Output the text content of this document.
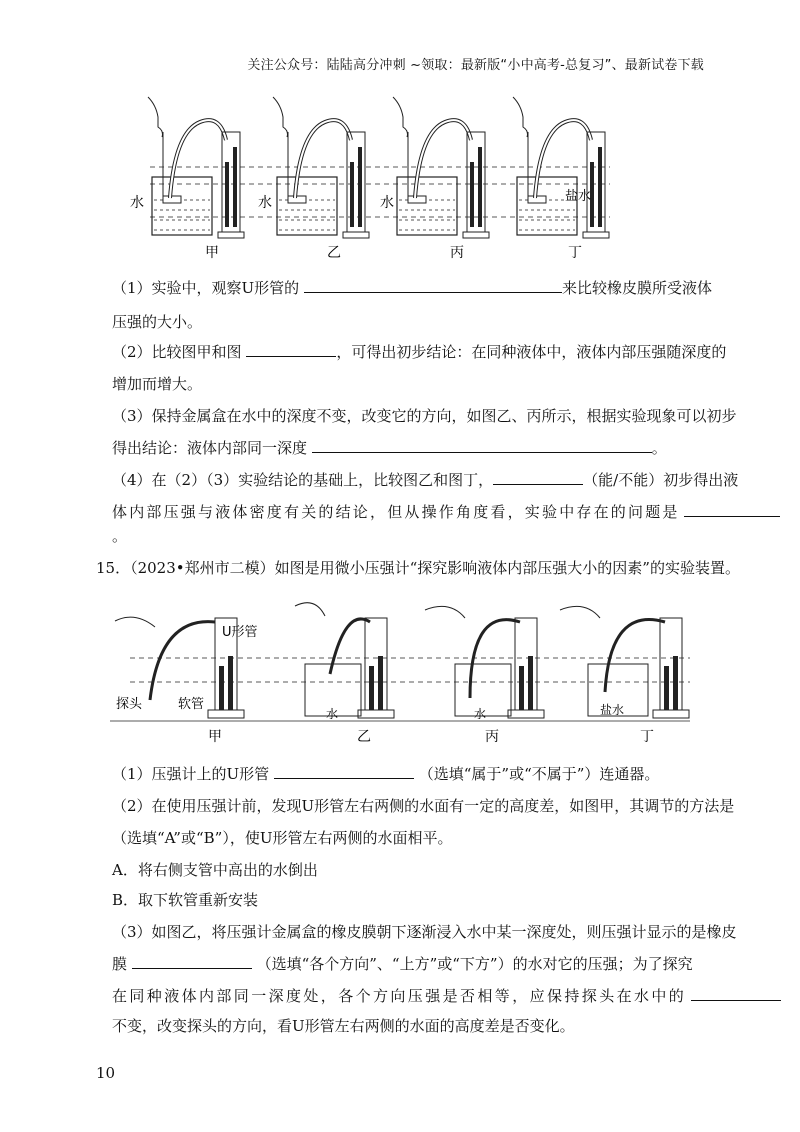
关注公众号：陆陆高分冲刺 ~领取：最新版“小中高考-总复习”、最新试卷下载
水	水	水	盐水
甲	乙	丙	丁
（1）实验中，观察U形管的	来比较橡皮膜所受液体
压强的大小。
（2）比较图甲和图	，可得出初步结论：在同种液体中，液体内部压强随深度的
增加而增大。
（3）保持金属盒在水中的深度不变，改变它的方向，如图乙、丙所示，根据实验现象可以初步
得出结论：液体内部同一深度	。
（4）在（2）（3）实验结论的基础上，比较图乙和图丁，	（能/不能）初步得出液
体内部压强与液体密度有关的结论，但从操作角度看，实验中存在的问题是
。
15．（2023•郑州市二模）如图是用微小压强计“探究影响液体内部压强大小的因素”的实验装置。
U形管
探头	软管
水	水	盐水
甲	乙	丙	丁
（1）压强计上的U形管	（选填“属于”或“不属于”）连通器。
（2）在使用压强计前，发现U形管左右两侧的水面有一定的高度差，如图甲，其调节的方法是
（选填“A”或“B”），使U形管左右两侧的水面相平。
A．将右侧支管中高出的水倒出
B．取下软管重新安装
（3）如图乙，将压强计金属盒的橡皮膜朝下逐渐浸入水中某一深度处，则压强计显示的是橡皮
膜	（选填“各个方向”、“上方”或“下方”）的水对它的压强；为了探究
在同种液体内部同一深度处，各个方向压强是否相等，应保持探头在水中的
不变，改变探头的方向，看U形管左右两侧的水面的高度差是否变化。
10
